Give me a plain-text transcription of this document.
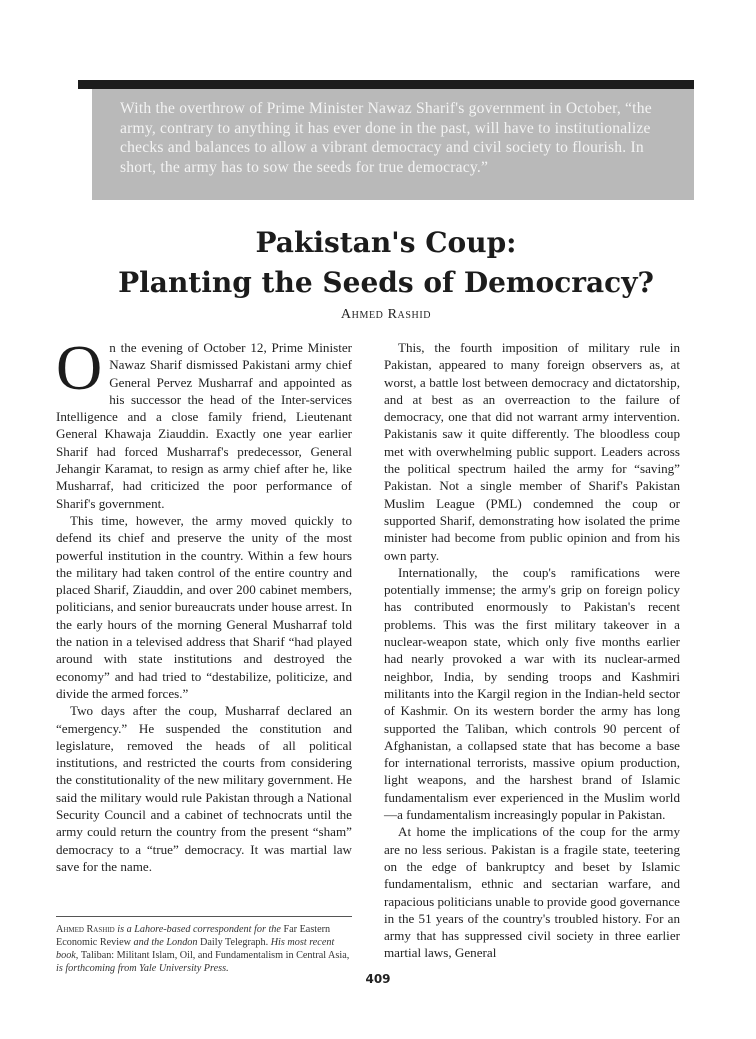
With the overthrow of Prime Minister Nawaz Sharif's government in October, “the army, contrary to anything it has ever done in the past, will have to institutionalize checks and balances to allow a vibrant democracy and civil society to flourish. In short, the army has to sow the seeds for true democracy.”

Pakistan's Coup:
Planting the Seeds of Democracy?
Ahmed Rashid

On the evening of October 12, Prime Minister Nawaz Sharif dismissed Pakistani army chief General Pervez Musharraf and appointed as his successor the head of the Inter-services Intelligence and a close family friend, Lieutenant General Khawaja Ziauddin. Exactly one year earlier Sharif had forced Musharraf's predecessor, General Jehangir Karamat, to resign as army chief after he, like Musharraf, had criticized the poor performance of Sharif's government.

This time, however, the army moved quickly to defend its chief and preserve the unity of the most powerful institution in the country. Within a few hours the military had taken control of the entire country and placed Sharif, Ziauddin, and over 200 cabinet members, politicians, and senior bureaucrats under house arrest. In the early hours of the morning General Musharraf told the nation in a televised address that Sharif “had played around with state institutions and destroyed the economy” and had tried to “destabilize, politicize, and divide the armed forces.”

Two days after the coup, Musharraf declared an “emergency.” He suspended the constitution and legislature, removed the heads of all political institutions, and restricted the courts from considering the constitutionality of the new military government. He said the military would rule Pakistan through a National Security Council and a cabinet of technocrats until the army could return the country from the present “sham” democracy to a “true” democracy. It was martial law save for the name.

Ahmed Rashid is a Lahore-based correspondent for the Far Eastern Economic Review and the London Daily Telegraph. His most recent book, Taliban: Militant Islam, Oil, and Fundamentalism in Central Asia, is forthcoming from Yale University Press.

This, the fourth imposition of military rule in Pakistan, appeared to many foreign observers as, at worst, a battle lost between democracy and dictatorship, and at best as an overreaction to the failure of democracy, one that did not warrant army intervention. Pakistanis saw it quite differently. The bloodless coup met with overwhelming public support. Leaders across the political spectrum hailed the army for “saving” Pakistan. Not a single member of Sharif's Pakistan Muslim League (PML) condemned the coup or supported Sharif, demonstrating how isolated the prime minister had become from public opinion and from his own party.

Internationally, the coup's ramifications were potentially immense; the army's grip on foreign policy has contributed enormously to Pakistan's recent problems. This was the first military takeover in a nuclear-weapon state, which only five months earlier had nearly provoked a war with its nuclear-armed neighbor, India, by sending troops and Kashmiri militants into the Kargil region in the Indian-held sector of Kashmir. On its western border the army has long supported the Taliban, which controls 90 percent of Afghanistan, a collapsed state that has become a base for international terrorists, massive opium production, light weapons, and the harshest brand of Islamic fundamentalism ever experienced in the Muslim world—a fundamentalism increasingly popular in Pakistan.

At home the implications of the coup for the army are no less serious. Pakistan is a fragile state, teetering on the edge of bankruptcy and beset by Islamic fundamentalism, ethnic and sectarian warfare, and rapacious politicians unable to provide good governance in the 51 years of the country's troubled history. For an army that has suppressed civil society in three earlier martial laws, General

409
